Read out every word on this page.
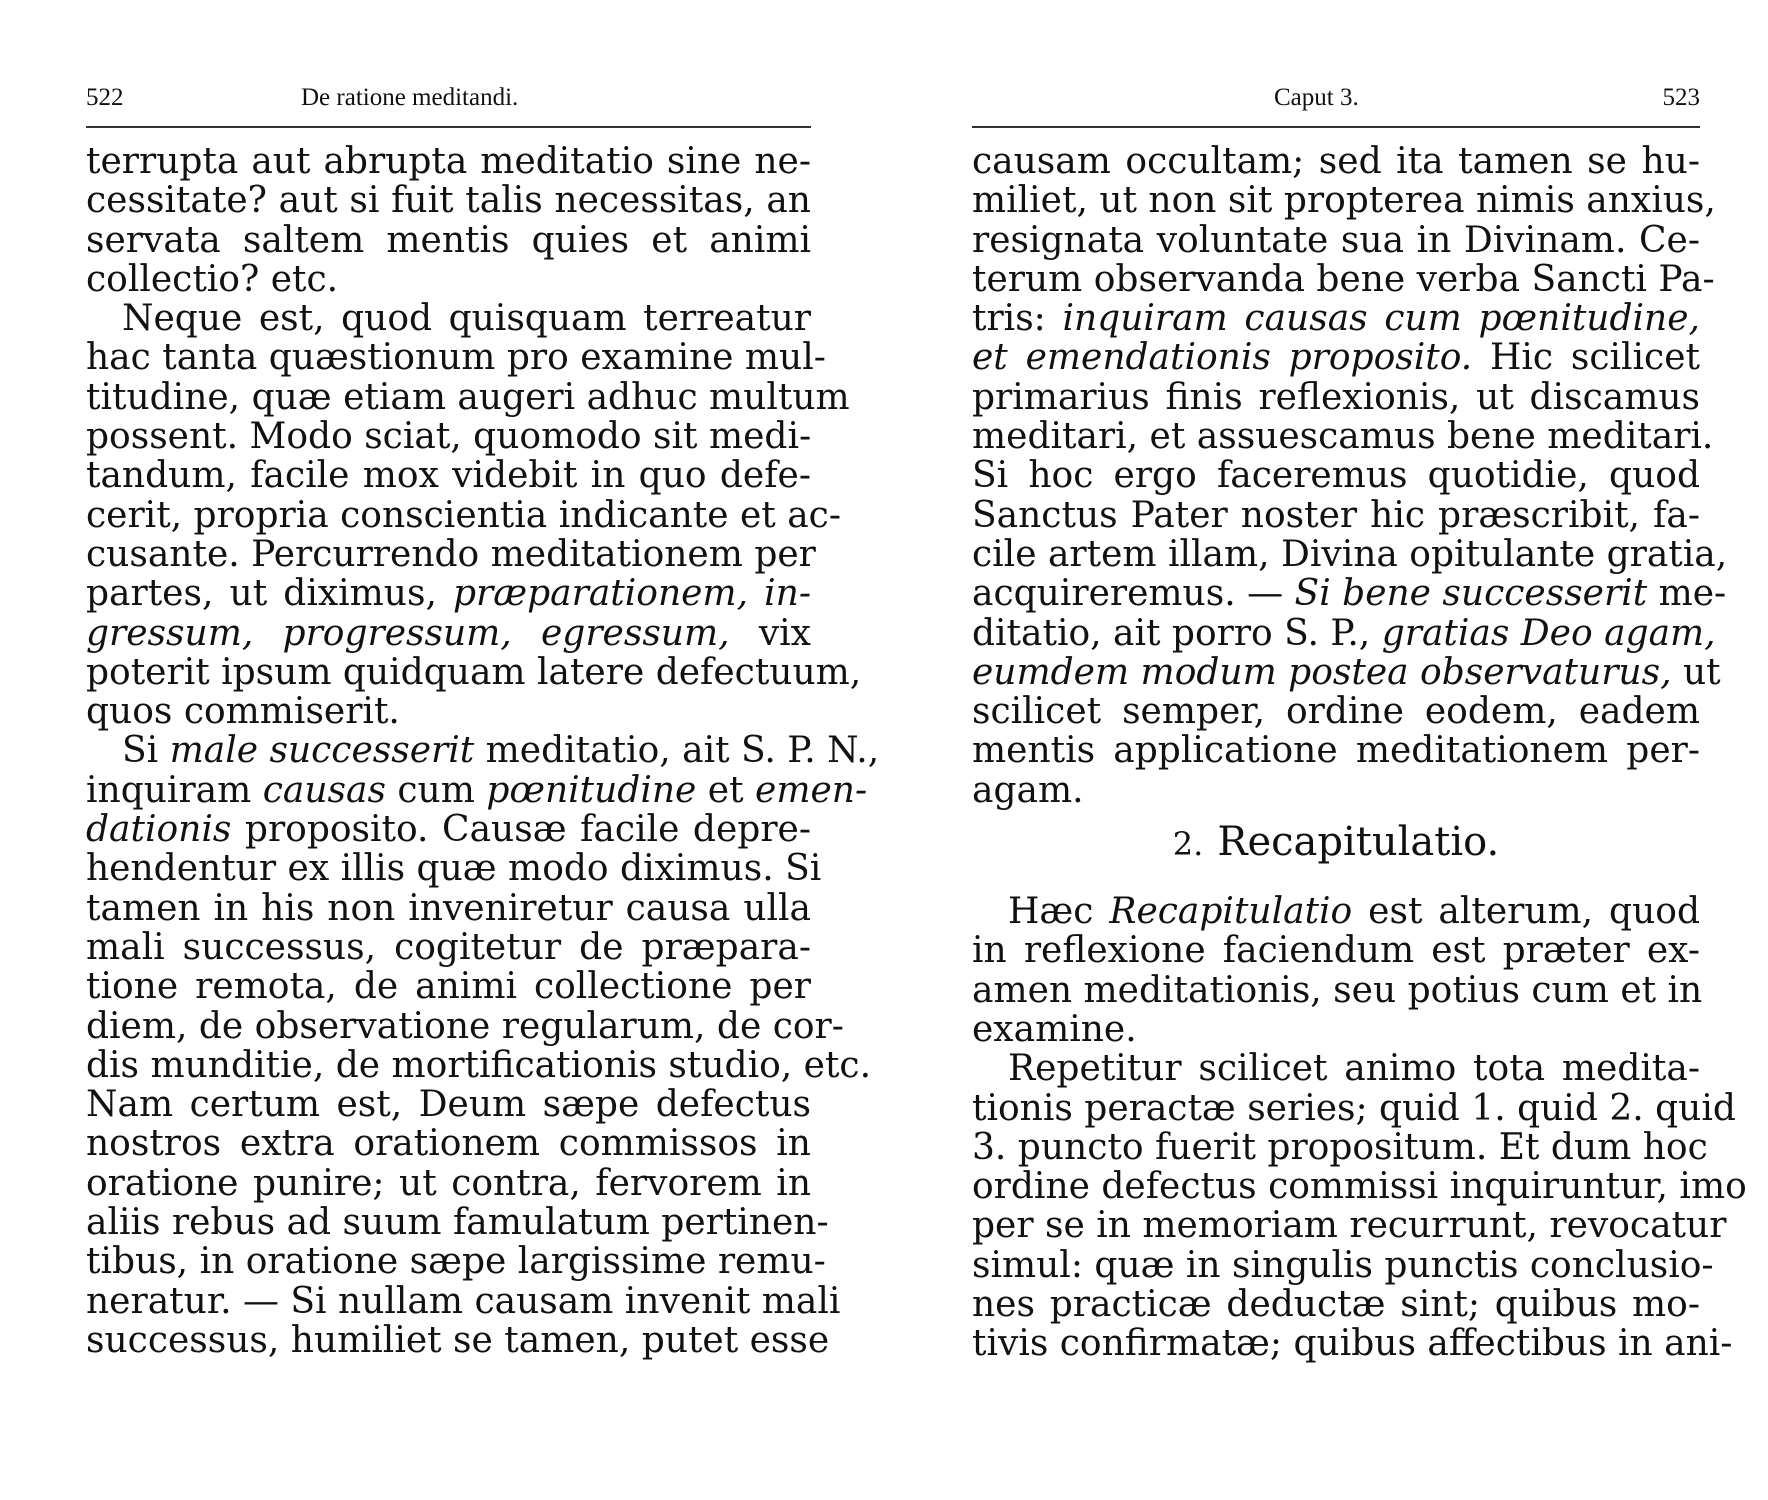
522	De ratione meditandi.
terrupta aut abrupta meditatio sine ne-
cessitate? aut si fuit talis necessitas, an
servata saltem mentis quies et animi
collectio? etc.
Neque est, quod quisquam terreatur
hac tanta quæstionum pro examine mul-
titudine, quæ etiam augeri adhuc multum
possent. Modo sciat, quomodo sit medi-
tandum, facile mox videbit in quo defe-
cerit, propria conscientia indicante et ac-
cusante. Percurrendo meditationem per
partes, ut diximus, præparationem, in-
gressum, progressum, egressum, vix
poterit ipsum quidquam latere defectuum,
quos commiserit.
Si male successerit meditatio, ait S. P. N.,
inquiram causas cum pœnitudine et emen-
dationis proposito. Causæ facile depre-
hendentur ex illis quæ modo diximus. Si
tamen in his non inveniretur causa ulla
mali successus, cogitetur de præpara-
tione remota, de animi collectione per
diem, de observatione regularum, de cor-
dis munditie, de mortificationis studio, etc.
Nam certum est, Deum sæpe defectus
nostros extra orationem commissos in
oratione punire; ut contra, fervorem in
aliis rebus ad suum famulatum pertinen-
tibus, in oratione sæpe largissime remu-
neratur. — Si nullam causam invenit mali
successus, humiliet se tamen, putet esse
Caput 3.	523
causam occultam; sed ita tamen se hu-
miliet, ut non sit propterea nimis anxius,
resignata voluntate sua in Divinam. Ce-
terum observanda bene verba Sancti Pa-
tris: inquiram causas cum pœnitudine,
et emendationis proposito. Hic scilicet
primarius finis reflexionis, ut discamus
meditari, et assuescamus bene meditari.
Si hoc ergo faceremus quotidie, quod
Sanctus Pater noster hic præscribit, fa-
cile artem illam, Divina opitulante gratia,
acquireremus. — Si bene successerit me-
ditatio, ait porro S. P., gratias Deo agam,
eumdem modum postea observaturus, ut
scilicet semper, ordine eodem, eadem
mentis applicatione meditationem per-
agam.
2. Recapitulatio.
Hæc Recapitulatio est alterum, quod
in reflexione faciendum est præter ex-
amen meditationis, seu potius cum et in
examine.
Repetitur scilicet animo tota medita-
tionis peractæ series; quid 1. quid 2. quid
3. puncto fuerit propositum. Et dum hoc
ordine defectus commissi inquiruntur, imo
per se in memoriam recurrunt, revocatur
simul: quæ in singulis punctis conclusio-
nes practicæ deductæ sint; quibus mo-
tivis confirmatæ; quibus affectibus in ani-
